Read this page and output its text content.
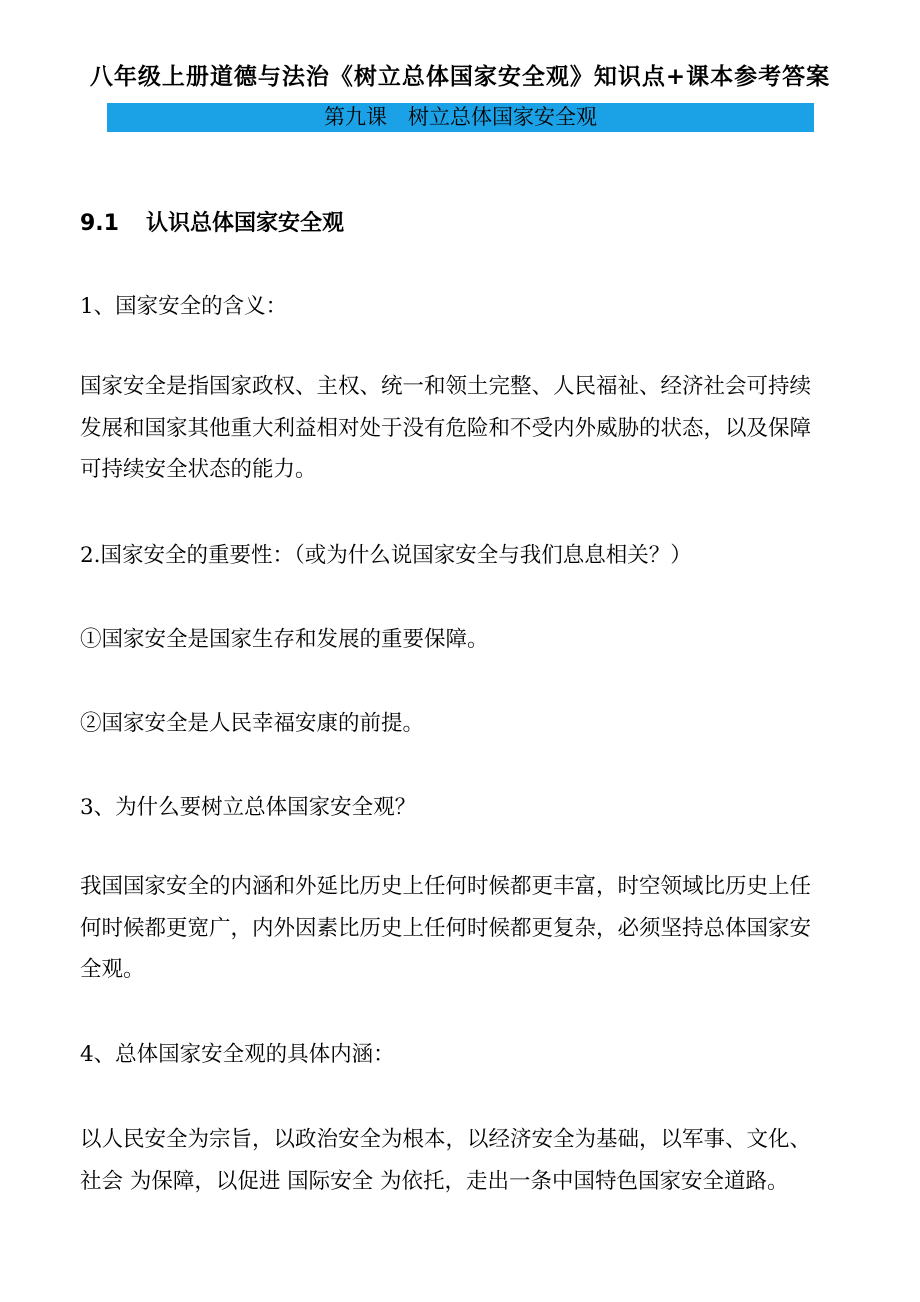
八年级上册道德与法治《树立总体国家安全观》知识点+课本参考答案
第九课　树立总体国家安全观
9.1 认识总体国家安全观

1、国家安全的含义：

国家安全是指国家政权、主权、统一和领土完整、人民福祉、经济社会可持续

发展和国家其他重大利益相对处于没有危险和不受内外威胁的状态，以及保障

可持续安全状态的能力。

2.国家安全的重要性：（或为什么说国家安全与我们息息相关？）

①国家安全是国家生存和发展的重要保障。

②国家安全是人民幸福安康的前提。

3、为什么要树立总体国家安全观？

我国国家安全的内涵和外延比历史上任何时候都更丰富，时空领域比历史上任

何时候都更宽广，内外因素比历史上任何时候都更复杂，必须坚持总体国家安

全观。

4、总体国家安全观的具体内涵：

以人民安全为宗旨，以政治安全为根本，以经济安全为基础，以军事、文化、

社会 为保障，以促进 国际安全 为依托，走出一条中国特色国家安全道路。
